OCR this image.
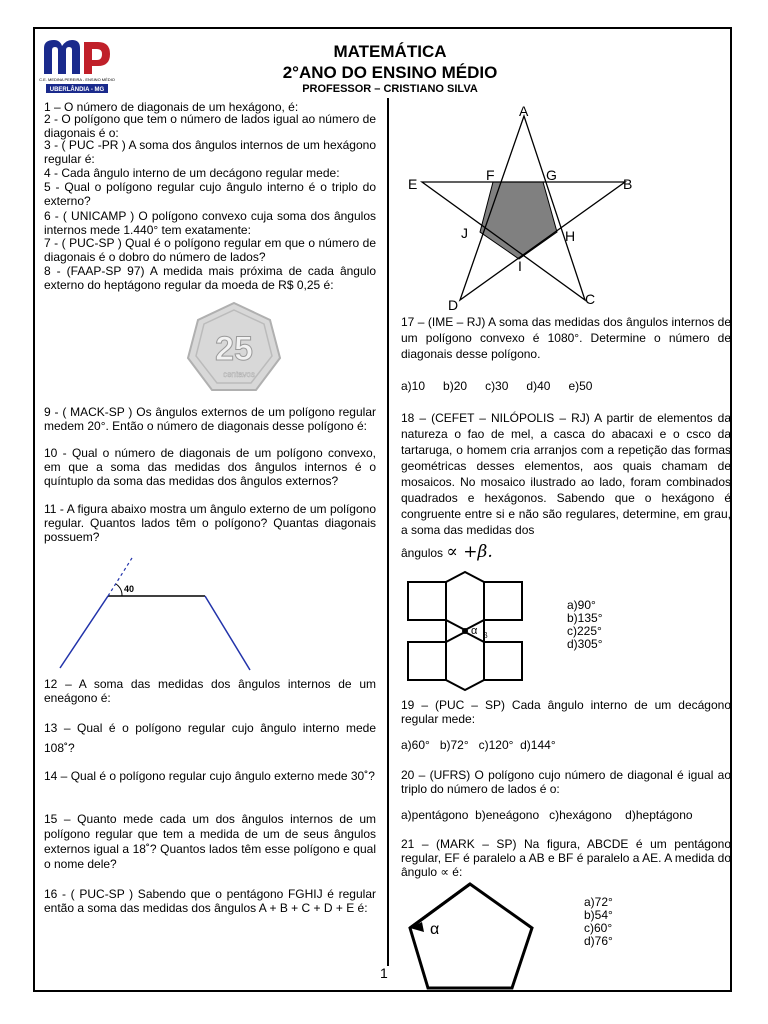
C.E. MEDINA PEREIRA - ENSINO MÉDIO
UBERLÂNDIA - MG
MATEMÁTICA
2°ANO DO ENSINO MÉDIO
PROFESSOR – CRISTIANO SILVA
1 – O número de diagonais de um hexágono, é:
2 - O polígono que tem o número de lados igual ao número de diagonais é o:
3 - ( PUC -PR ) A soma dos ângulos internos de um hexágono regular é:
4 - Cada ângulo interno de um decágono regular mede:
5 - Qual o polígono regular cujo ângulo interno é o triplo do externo?
6 - ( UNICAMP ) O polígono convexo cuja soma dos ângulos internos mede 1.440° tem exatamente:
7 - ( PUC-SP ) Qual é o polígono regular em que o número de diagonais é o dobro do número de lados?
8 - (FAAP-SP 97) A medida mais próxima de cada ângulo externo do heptágono regular da moeda de R$ 0,25 é:
25
centavos
9 - ( MACK-SP ) Os ângulos externos de um polígono regular medem 20°. Então o número de diagonais desse polígono é:
10 - Qual o número de diagonais de um polígono convexo, em que a soma das medidas dos ângulos internos é o quíntuplo da soma das medidas dos ângulos externos?
11 - A figura abaixo mostra um ângulo externo de um polígono regular. Quantos lados têm o polígono? Quantas diagonais possuem?
40
12 – A soma das medidas dos ângulos internos de um eneágono é:
13 – Qual é o polígono regular cujo ângulo interno mede 108˚?
14 – Qual é o polígono regular cujo ângulo externo mede 30˚?
15 – Quanto mede cada um dos ângulos internos de um polígono regular que tem a medida de um de seus ângulos externos igual a 18˚? Quantos lados têm esse polígono e qual o nome dele?
16 - ( PUC-SP ) Sabendo que o pentágono FGHIJ é regular então a soma das medidas dos ângulos A + B + C + D + E é:
A
B
C
D
E
F	G
H
I
J
17 – (IME – RJ) A soma das medidas dos ângulos internos de um polígono convexo é 1080°. Determine o número de diagonais desse polígono.
a)10 b)20 c)30 d)40 e)50
18 – (CEFET – NILÓPOLIS – RJ) A partir de elementos da natureza o fao de mel, a casca do abacaxi e o csco da tartaruga, o homem cria arranjos com a repetição das formas geométricas desses elementos, aos quais chamam de mosaicos. No mosaico ilustrado ao lado, foram combinados quadrados e hexágonos. Sabendo que o hexágono é congruente entre si e não são regulares, determine, em grau, a soma das medidas dos
ângulos ∝ +β.
α β
a)90°
b)135°
c)225°
d)305°
19 – (PUC – SP) Cada ângulo interno de um decágono regular mede:
a)60°   b)72°   c)120°  d)144°
20 – (UFRS) O polígono cujo número de diagonal é igual ao triplo do número de lados é o:
a)pentágono  b)eneágono   c)hexágono    d)heptágono
21 – (MARK – SP) Na figura, ABCDE é um pentágono regular, EF é paralelo a AB e BF é paralelo a AE. A medida do ângulo ∝ é:
α
a)72°
b)54°
c)60°
d)76°
1
